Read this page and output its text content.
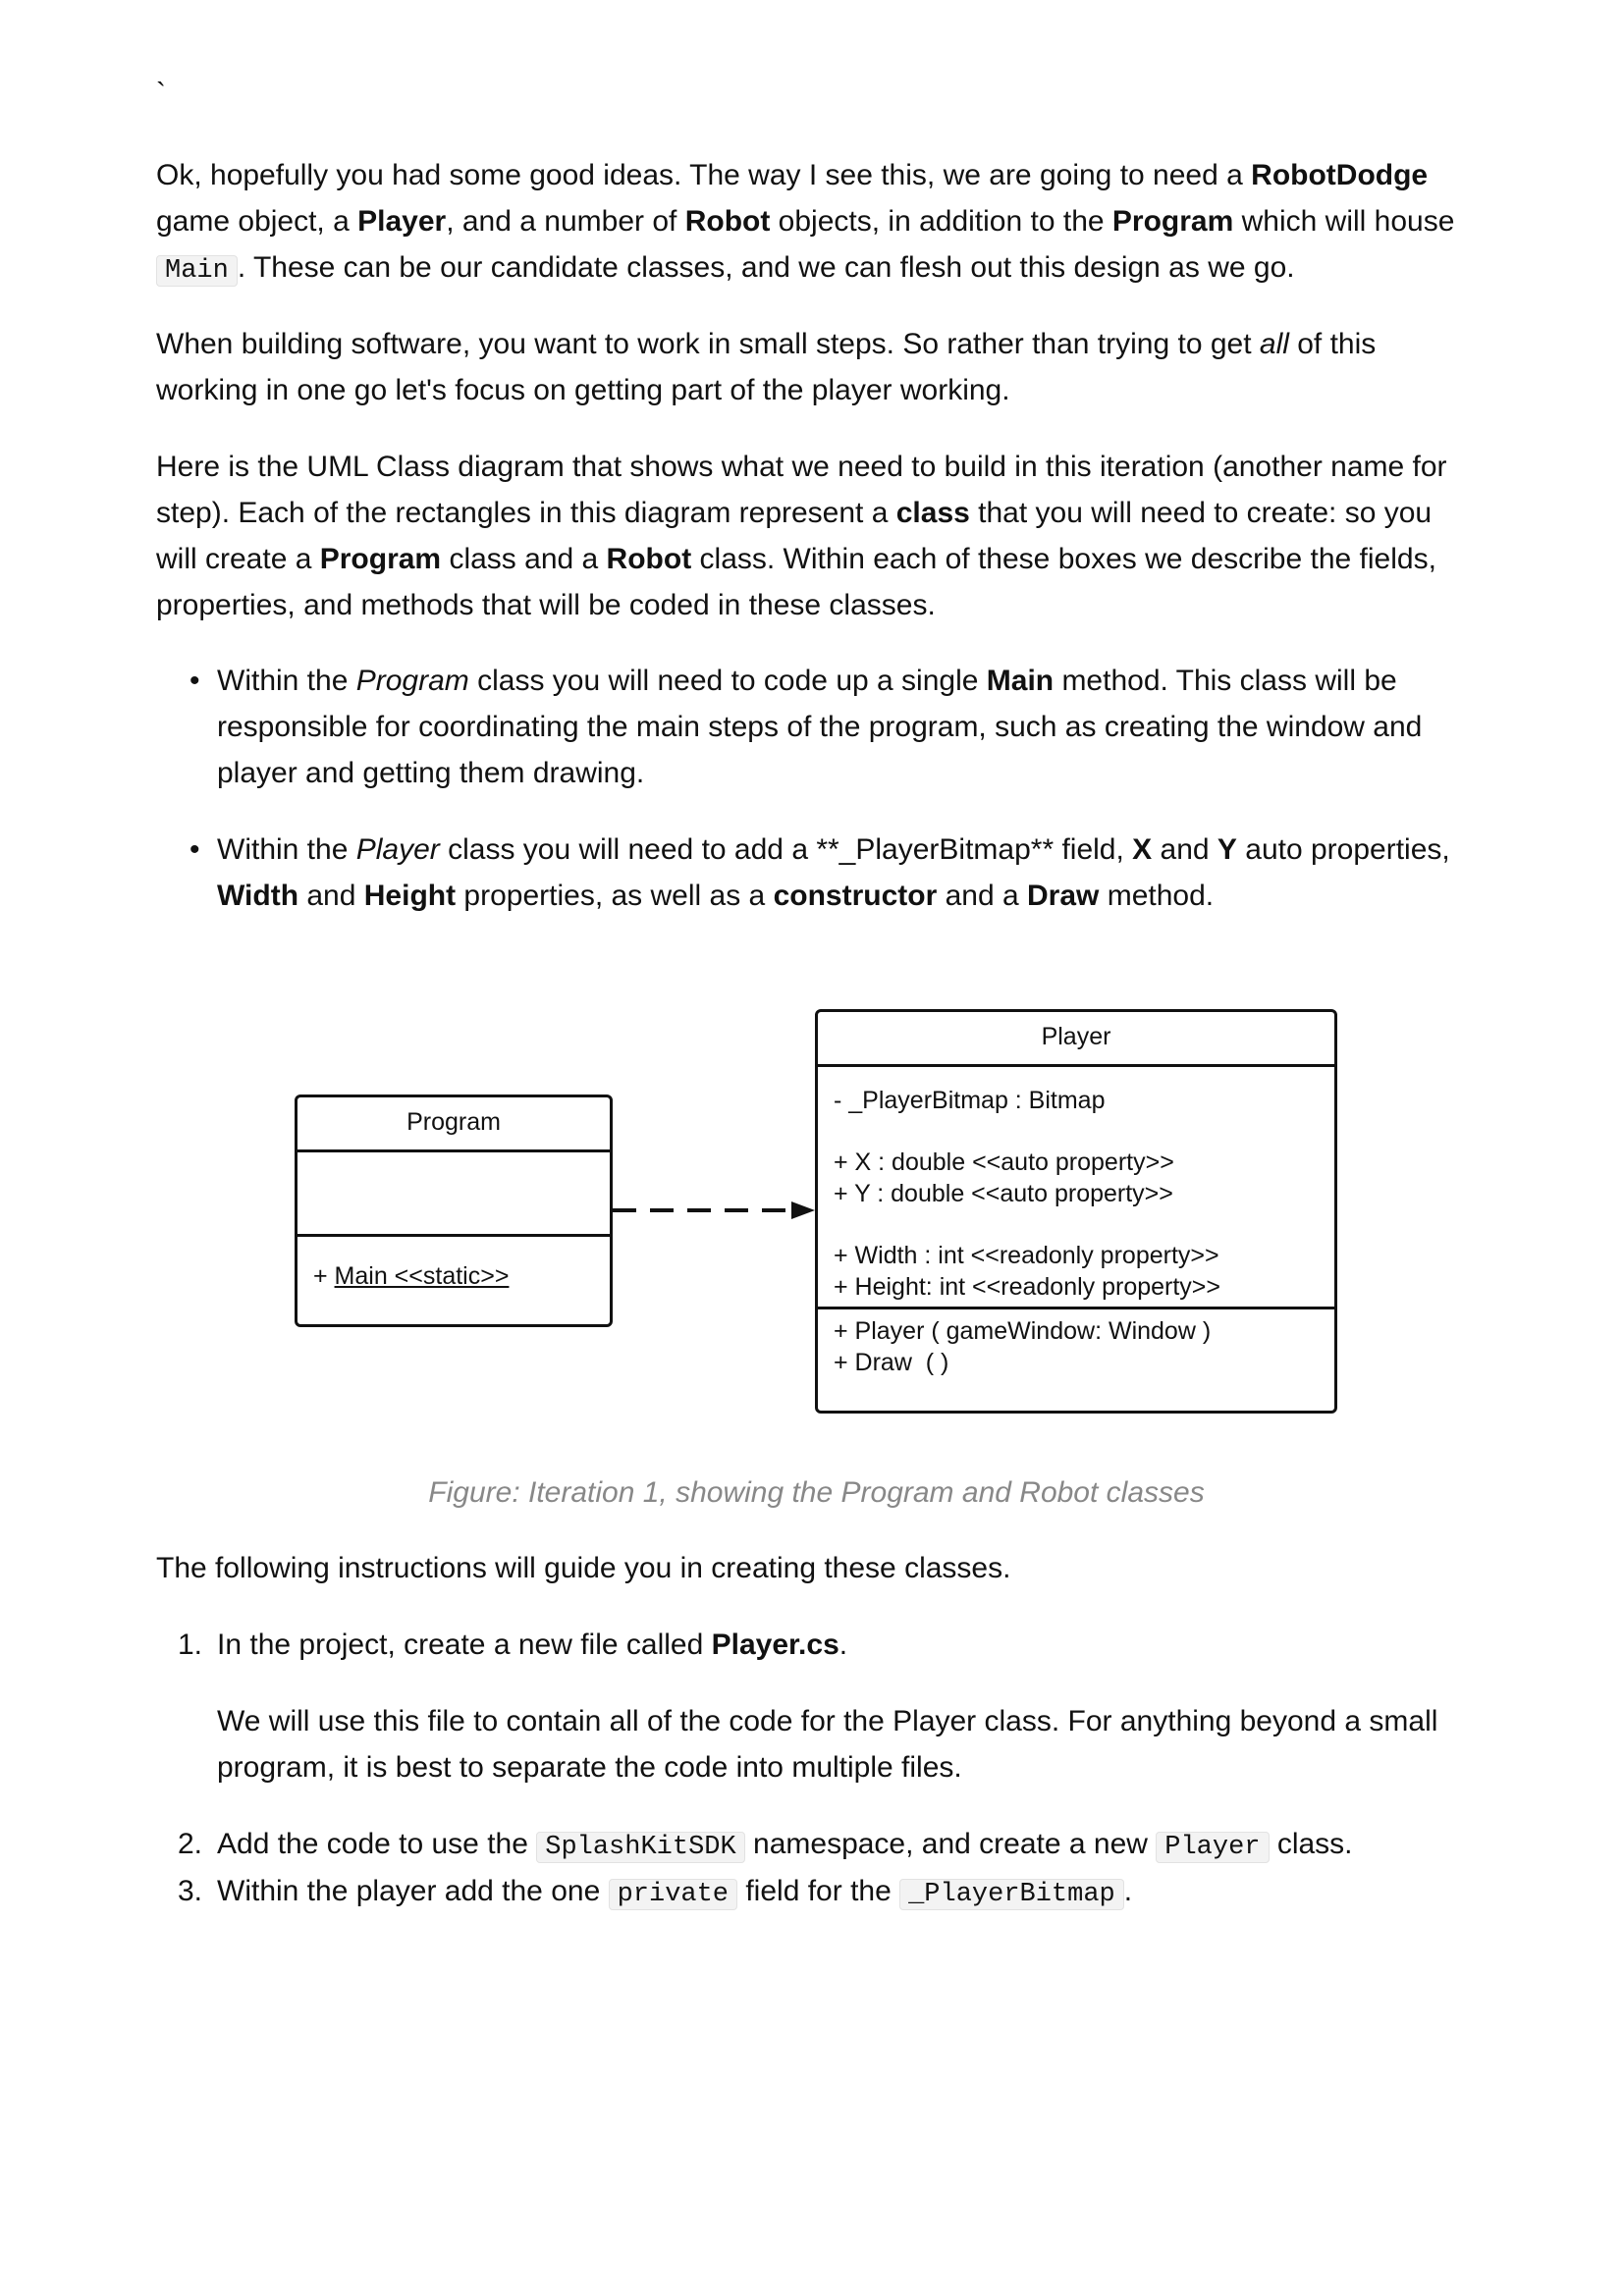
`

Ok, hopefully you had some good ideas. The way I see this, we are going to need a RobotDodge game object, a Player, and a number of Robot objects, in addition to the Program which will house Main . These can be our candidate classes, and we can flesh out this design as we go.

When building software, you want to work in small steps. So rather than trying to get all of this working in one go let's focus on getting part of the player working.

Here is the UML Class diagram that shows what we need to build in this iteration (another name for step). Each of the rectangles in this diagram represent a class that you will need to create: so you will create a Program class and a Robot class. Within each of these boxes we describe the fields, properties, and methods that will be coded in these classes.

• Within the Program class you will need to code up a single Main method. This class will be responsible for coordinating the main steps of the program, such as creating the window and player and getting them drawing.
• Within the Player class you will need to add a **_PlayerBitmap** field, X and Y auto properties, Width and Height properties, as well as a constructor and a Draw method.
Program
+ Main <<static>>
Player
- _PlayerBitmap : Bitmap
+ X : double <<auto property>>
+ Y : double <<auto property>>
+ Width : int <<readonly property>>
+ Height: int <<readonly property>>
+ Player ( gameWindow: Window )
+ Draw  ( )
Figure: Iteration 1, showing the Program and Robot classes

The following instructions will guide you in creating these classes.

1. In the project, create a new file called Player.cs.
We will use this file to contain all of the code for the Player class. For anything beyond a small program, it is best to separate the code into multiple files.
2. Add the code to use the SplashKitSDK namespace, and create a new Player class.
3. Within the player add the one private field for the _PlayerBitmap .
